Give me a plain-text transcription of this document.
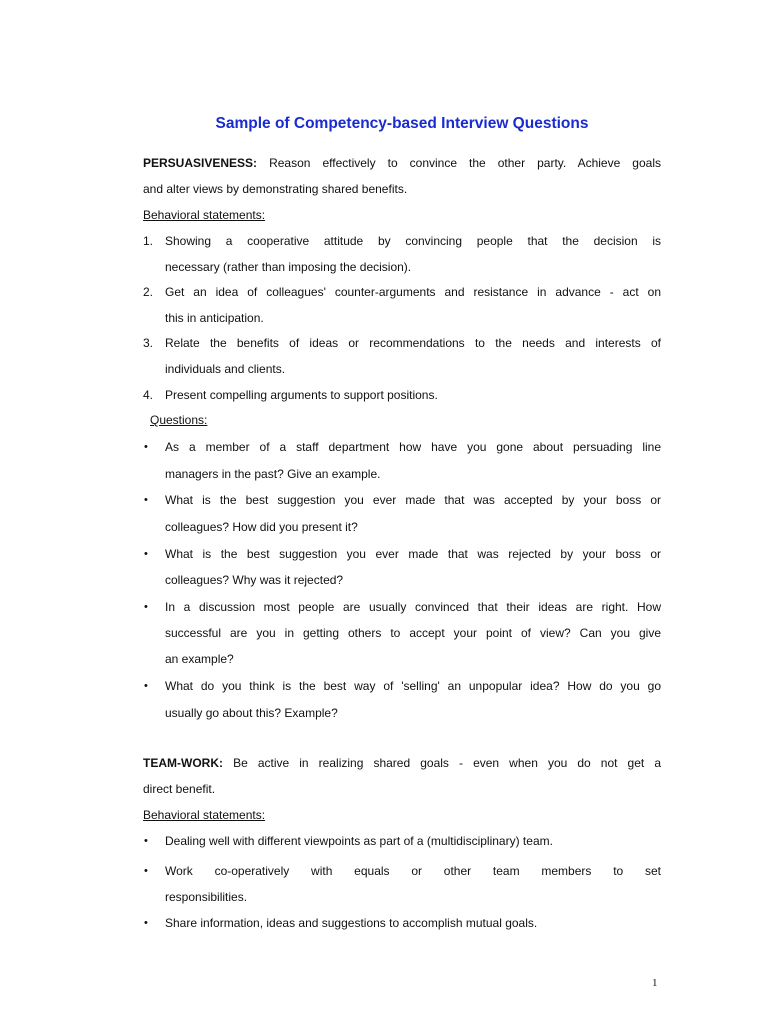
Sample of Competency-based Interview Questions
PERSUASIVENESS: Reason effectively to convince the other party. Achieve goals
and alter views by demonstrating shared benefits.
Behavioral statements:
1. Showing a cooperative attitude by convincing people that the decision is
necessary (rather than imposing the decision).
2. Get an idea of colleagues' counter-arguments and resistance in advance - act on
this in anticipation.
3. Relate the benefits of ideas or recommendations to the needs and interests of
individuals and clients.
4. Present compelling arguments to support positions.
Questions:
• As a member of a staff department how have you gone about persuading line
managers in the past? Give an example.
• What is the best suggestion you ever made that was accepted by your boss or
colleagues? How did you present it?
• What is the best suggestion you ever made that was rejected by your boss or
colleagues? Why was it rejected?
• In a discussion most people are usually convinced that their ideas are right. How
successful are you in getting others to accept your point of view? Can you give
an example?
• What do you think is the best way of 'selling' an unpopular idea? How do you go
usually go about this? Example?
TEAM-WORK: Be active in realizing shared goals - even when you do not get a
direct benefit.
Behavioral statements:
• Dealing well with different viewpoints as part of a (multidisciplinary) team.
• Work co-operatively with equals or other team members to set
responsibilities.
• Share information, ideas and suggestions to accomplish mutual goals.
1
